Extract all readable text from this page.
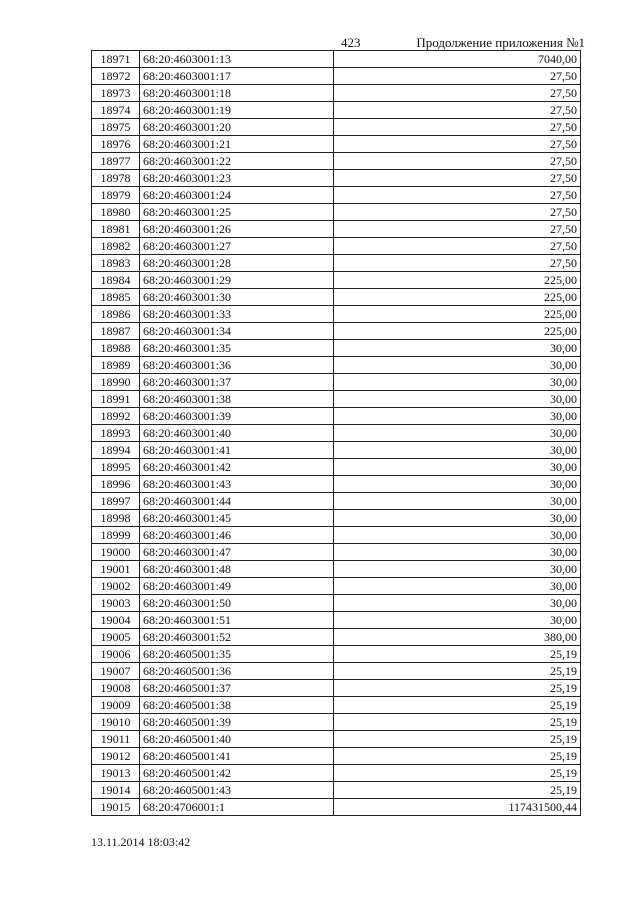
423	Продолжение приложения №1
18971	68:20:4603001:13	7040,00
18972	68:20:4603001:17	27,50
18973	68:20:4603001:18	27,50
18974	68:20:4603001:19	27,50
18975	68:20:4603001:20	27,50
18976	68:20:4603001:21	27,50
18977	68:20:4603001:22	27,50
18978	68:20:4603001:23	27,50
18979	68:20:4603001:24	27,50
18980	68:20:4603001:25	27,50
18981	68:20:4603001:26	27,50
18982	68:20:4603001:27	27,50
18983	68:20:4603001:28	27,50
18984	68:20:4603001:29	225,00
18985	68:20:4603001:30	225,00
18986	68:20:4603001:33	225,00
18987	68:20:4603001:34	225,00
18988	68:20:4603001:35	30,00
18989	68:20:4603001:36	30,00
18990	68:20:4603001:37	30,00
18991	68:20:4603001:38	30,00
18992	68:20:4603001:39	30,00
18993	68:20:4603001:40	30,00
18994	68:20:4603001:41	30,00
18995	68:20:4603001:42	30,00
18996	68:20:4603001:43	30,00
18997	68:20:4603001:44	30,00
18998	68:20:4603001:45	30,00
18999	68:20:4603001:46	30,00
19000	68:20:4603001:47	30,00
19001	68:20:4603001:48	30,00
19002	68:20:4603001:49	30,00
19003	68:20:4603001:50	30,00
19004	68:20:4603001:51	30,00
19005	68:20:4603001:52	380,00
19006	68:20:4605001:35	25,19
19007	68:20:4605001:36	25,19
19008	68:20:4605001:37	25,19
19009	68:20:4605001:38	25,19
19010	68:20:4605001:39	25,19
19011	68:20:4605001:40	25,19
19012	68:20:4605001:41	25,19
19013	68:20:4605001:42	25,19
19014	68:20:4605001:43	25,19
19015	68:20:4706001:1	117431500,44
13.11.2014 18:03:42
